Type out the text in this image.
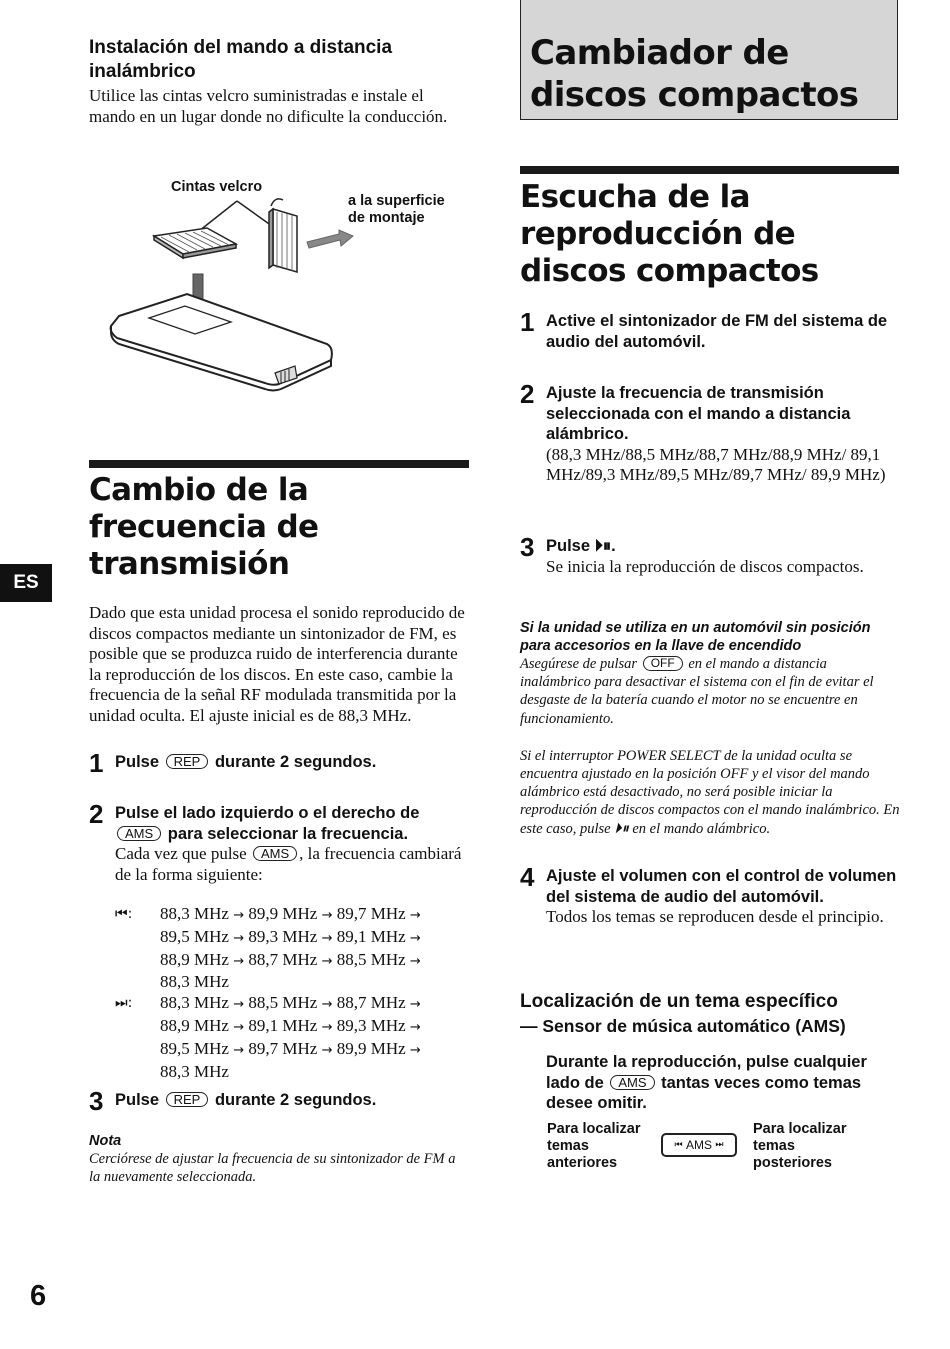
ES
6
Instalación del mando a distancia inalámbrico

Utilice las cintas velcro suministradas e instale el mando en un lugar donde no dificulte la conducción.

Cintas velcro
a la superficie
de montaje
Cambio de la frecuencia de transmisión

Dado que esta unidad procesa el sonido reproducido de discos compactos mediante un sintonizador de FM, es posible que se produzca ruido de interferencia durante la reproducción de los discos. En este caso, cambie la frecuencia de la señal RF modulada transmitida por la unidad oculta. El ajuste inicial es de 88,3 MHz.

1 Pulse REP durante 2 segundos.
2 Pulse el lado izquierdo o el derecho de AMS para seleccionar la frecuencia.
Cada vez que pulse AMS , la frecuencia cambiará de la forma siguiente:
⏮:	88,3 MHz → 89,9 MHz → 89,7 MHz →
89,5 MHz → 89,3 MHz → 89,1 MHz →
88,9 MHz → 88,7 MHz → 88,5 MHz →
88,3 MHz
⏭:	88,3 MHz → 88,5 MHz → 88,7 MHz →
88,9 MHz → 89,1 MHz → 89,3 MHz →
89,5 MHz → 89,7 MHz → 89,9 MHz →
88,3 MHz
3 Pulse REP durante 2 segundos.
Nota
Cerciórese de ajustar la frecuencia de su sintonizador de FM a la nuevamente seleccionada.
Cambiador de discos compactos
Escucha de la reproducción de discos compactos
1 Active el sintonizador de FM del sistema de audio del automóvil.
2 Ajuste la frecuencia de transmisión seleccionada con el mando a distancia alámbrico.
(88,3 MHz/88,5 MHz/88,7 MHz/88,9 MHz/ 89,1 MHz/89,3 MHz/89,5 MHz/89,7 MHz/ 89,9 MHz)
3 Pulse ⏵⏸.
Se inicia la reproducción de discos compactos.
Si la unidad se utiliza en un automóvil sin posición para accesorios en la llave de encendido
Asegúrese de pulsar OFF en el mando a distancia inalámbrico para desactivar el sistema con el fin de evitar el desgaste de la batería cuando el motor no se encuentre en funcionamiento.
Si el interruptor POWER SELECT de la unidad oculta se encuentra ajustado en la posición OFF y el visor del mando alámbrico está desactivado, no será posible iniciar la reproducción de discos compactos con el mando inalámbrico. En este caso, pulse ⏵⏸ en el mando alámbrico.
4 Ajuste el volumen con el control de volumen del sistema de audio del automóvil.
Todos los temas se reproducen desde el principio.
Localización de un tema específico
— Sensor de música automático (AMS)
Durante la reproducción, pulse cualquier lado de AMS tantas veces como temas desee omitir.
Para localizar temas anteriores
⏮
AMS
⏭
Para localizar temas posteriores
